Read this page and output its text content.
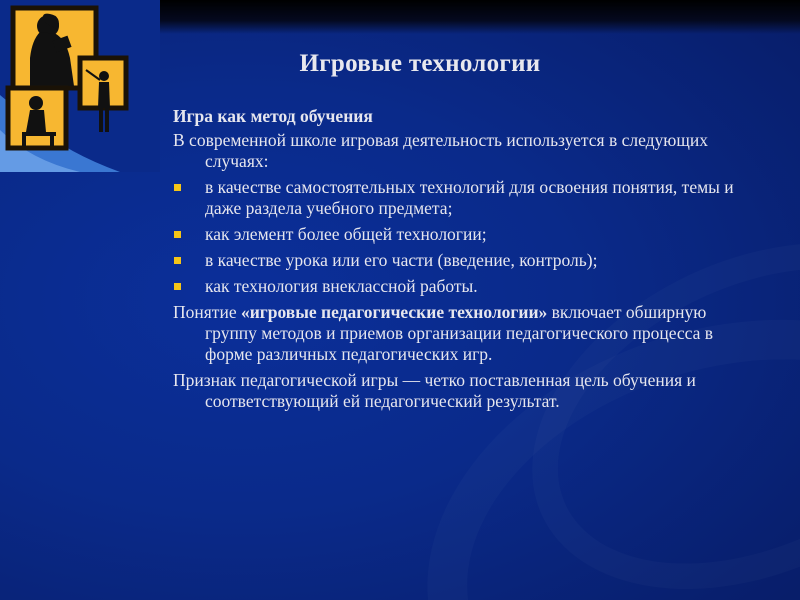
Игровые технологии
Игра как метод обучения
В современной школе игровая деятельность используется в следующих случаях:
в качестве самостоятельных технологий для освоения понятия, темы и даже раздела учебного предмета;
как элемент более общей технологии;
в качестве урока или его части (введение, контроль);
как технология внеклассной работы.
Понятие «игровые педагогические технологии» включает обширную группу методов и приемов организации педагогического процесса в форме различных педагогических игр.
Признак педагогической игры — четко поставленная цель обучения и соответствующий ей педагогический результат.
